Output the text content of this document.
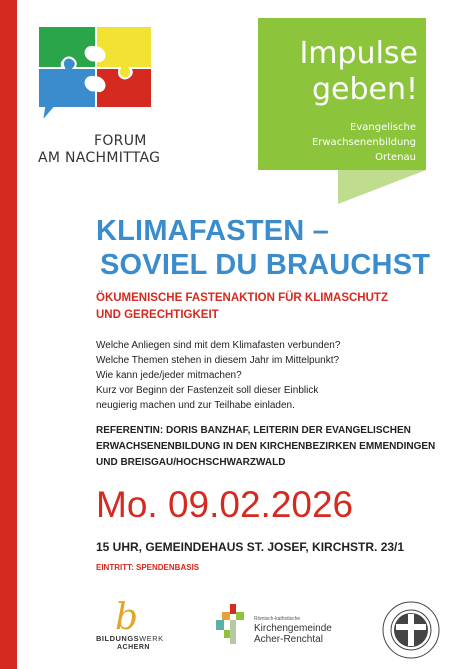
FORUM
AM NACHMITTAG
Impulse
geben!
Evangelische
Erwachsenenbildung
Ortenau
KLIMAFASTEN –
SOVIEL DU BRAUCHST
ÖKUMENISCHE FASTENAKTION FÜR KLIMASCHUTZ
UND GERECHTIGKEIT
Welche Anliegen sind mit dem Klimafasten verbunden?
Welche Themen stehen in diesem Jahr im Mittelpunkt?
Wie kann jede/jeder mitmachen?
Kurz vor Beginn der Fastenzeit soll dieser Einblick
neugierig machen und zur Teilhabe einladen.
REFERENTIN: DORIS BANZHAF, LEITERIN DER EVANGELISCHEN
ERWACHSENENBILDUNG IN DEN KIRCHENBEZIRKEN EMMENDINGEN
UND BREISGAU/HOCHSCHWARZWALD
Mo. 09.02.2026
15 UHR, GEMEINDEHAUS ST. JOSEF, KIRCHSTR. 23/1
EINTRITT: SPENDENBASIS
b
BILDUNGSWERK
ACHERN
Römisch-katholische
Kirchengemeinde
Acher-Renchtal
